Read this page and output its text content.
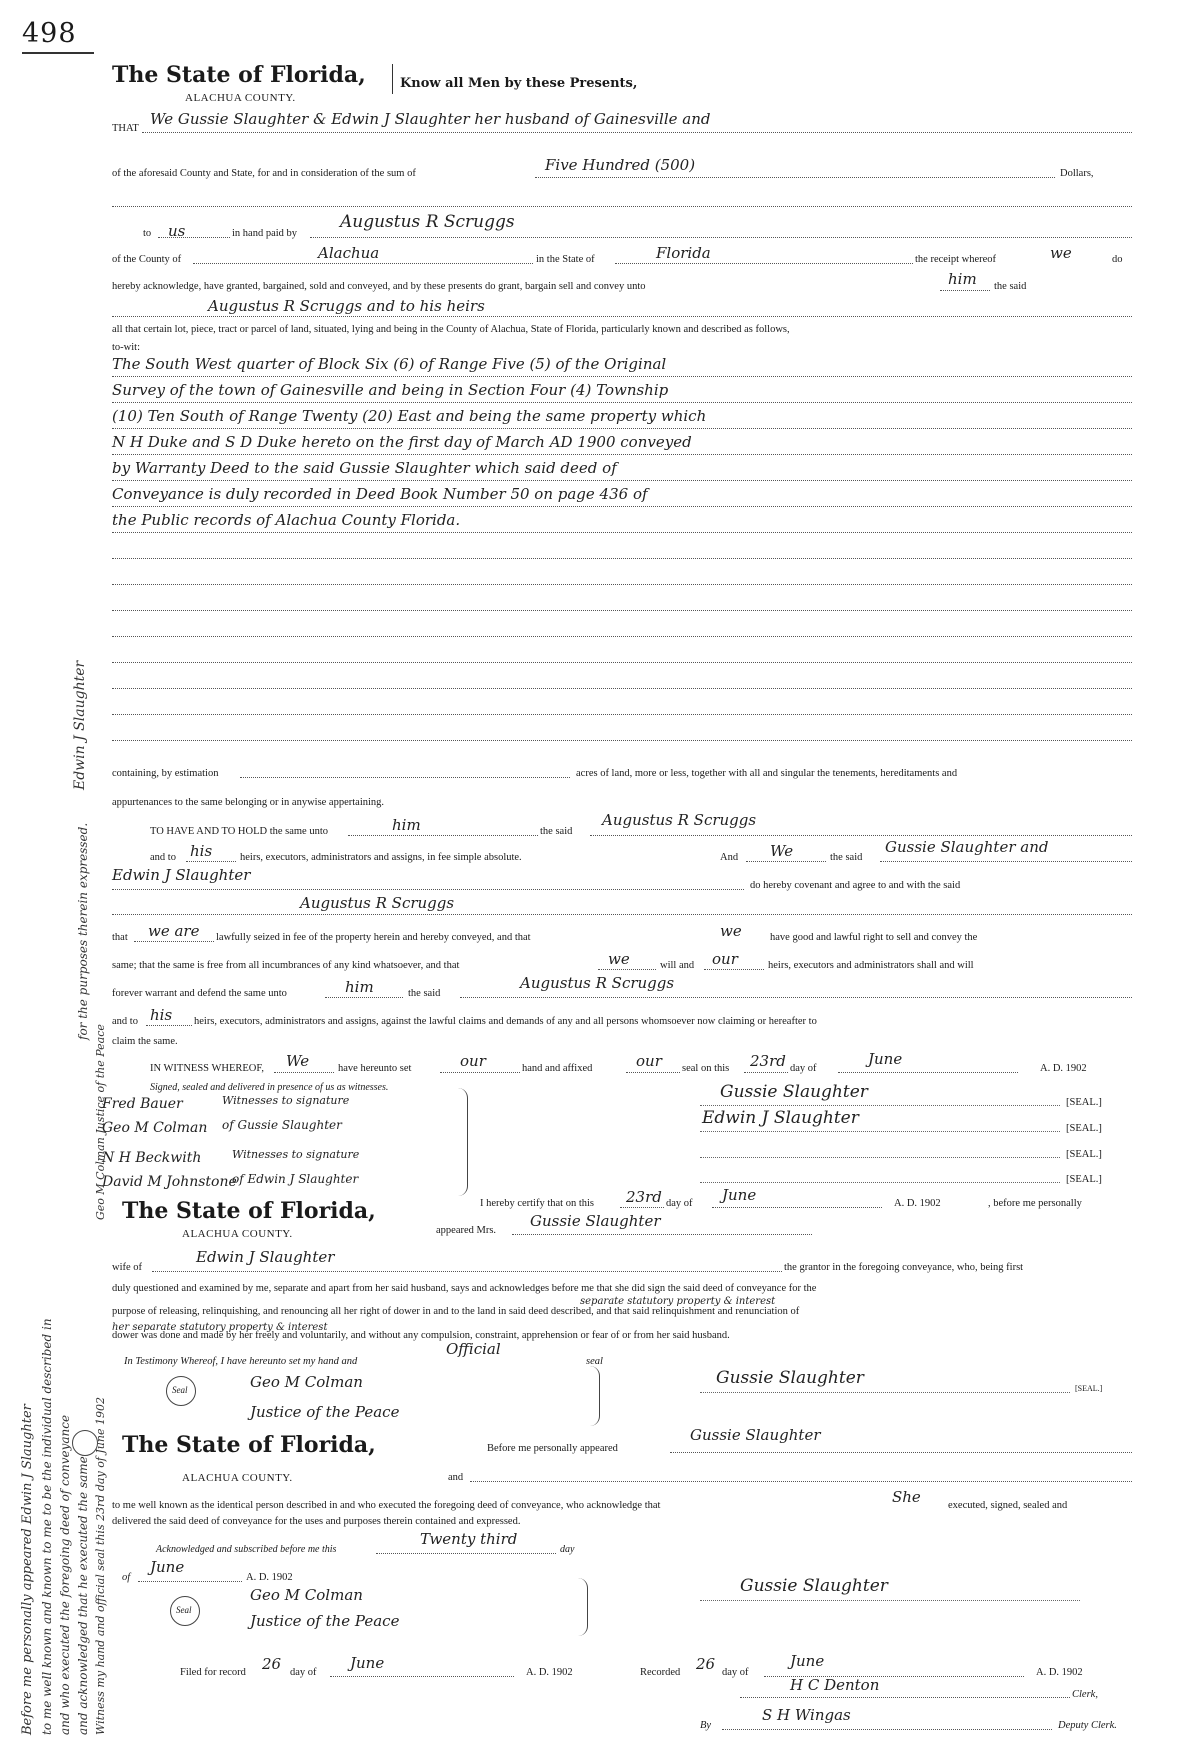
498
The State of Florida,
ALACHUA COUNTY.
Know all Men by these Presents,
THAT
We Gussie Slaughter & Edwin J Slaughter her husband of Gainesville and
of the aforesaid County and State, for and in consideration of the sum of	Five Hundred (500)	Dollars,
to us	in hand paid by
Augustus R Scruggs
of the County of	Alachua	in the State of	Florida	the receipt whereof	we	do
hereby acknowledge, have granted, bargained, sold and conveyed, and by these presents do grant, bargain sell and convey unto	him the said
Augustus R Scruggs and to his heirs
all that certain lot, piece, tract or parcel of land, situated, lying and being in the County of Alachua, State of Florida, particularly known and described as follows,
to-wit:
The South West quarter of Block Six (6) of Range Five (5) of the Original
Survey of the town of Gainesville and being in Section Four (4) Township
(10) Ten South of Range Twenty (20) East and being the same property which
N H Duke and S D Duke hereto on the first day of March AD 1900 conveyed
by Warranty Deed to the said Gussie Slaughter which said deed of
Conveyance is duly recorded in Deed Book Number 50 on page 436 of
the Public records of Alachua County Florida.
containing, by estimation	acres of land, more or less, together with all and singular the tenements, hereditaments and
appurtenances to the same belonging or in anywise appertaining.
TO HAVE AND TO HOLD the same unto	him	the said
Augustus R Scruggs
and to his	heirs, executors, administrators and assigns, in fee simple absolute.	And We	the said
Gussie Slaughter and
Edwin J Slaughter
do hereby covenant and agree to and with the said
Augustus R Scruggs
that we are lawfully seized in fee of the property herein and hereby conveyed, and that	we	have good and lawful right to sell and convey the
same; that the same is free from all incumbrances of any kind whatsoever, and that	we	will and our	heirs, executors and administrators shall and will
forever warrant and defend the same unto	him	the said
Augustus R Scruggs
and to his heirs, executors, administrators and assigns, against the lawful claims and demands of any and all persons whomsoever now claiming or hereafter to
claim the same.
IN WITNESS WHEREOF, We	have hereunto set	our	hand and affixed	our seal on this 23rd day of
June
A. D. 1902
Signed, sealed and delivered in presence of us as witnesses.
Fred Bauer	Witnesses to signature
Geo M Colman of Gussie Slaughter
N H Beckwith	Witnesses to signature
David M Johnstone
of Edwin J Slaughter
Gussie Slaughter
[SEAL.]
Edwin J Slaughter
[SEAL.]
[SEAL.]
[SEAL.]
The State of Florida,
ALACHUA COUNTY.
I hereby certify that on this 23rd day of June	A. D. 1902	, before me personally
appeared Mrs.
Gussie Slaughter
wife of
Edwin J Slaughter
the grantor in the foregoing conveyance, who, being first
duly questioned and examined by me, separate and apart from her said husband, says and acknowledges before me that she did sign the said deed of conveyance for the
separate statutory property & interest
purpose of releasing, relinquishing, and renouncing all her right of dower in and to the land in said deed described, and that said relinquishment and renunciation of
her separate statutory property & interest
dower was done and made by her freely and voluntarily, and without any compulsion, constraint, apprehension or fear of or from her said husband.
In Testimony Whereof, I have hereunto set my hand and
Official
seal
Geo M Colman
Justice of the Peace
Seal
Gussie Slaughter
[SEAL.]
The State of Florida,
ALACHUA COUNTY.
Before me personally appeared
Gussie Slaughter
and
to me well known as the identical person described in and who executed the foregoing deed of conveyance, who acknowledge that	She	executed, signed, sealed and
delivered the said deed of conveyance for the uses and purposes therein contained and expressed.
Acknowledged and subscribed before me this
Twenty third
day
of
June
A. D. 1902
Geo M Colman
Justice of the Peace
Seal
Gussie Slaughter
Filed for record 26 day of
June
A. D. 1902	Recorded 26 day of
June
A. D. 1902
H C Denton
Clerk,
By
S H Wingas
Deputy Clerk.
Before me personally appeared Edwin J Slaughter to me well known and known to me to be the individual described in and who executed the foregoing deed of conveyance and acknowledged that he executed the same
for the purposes therein expressed.
Witness my hand and official seal this 23rd day of June 1902
Geo M Colman Justice of the Peace
Edwin J Slaughter
